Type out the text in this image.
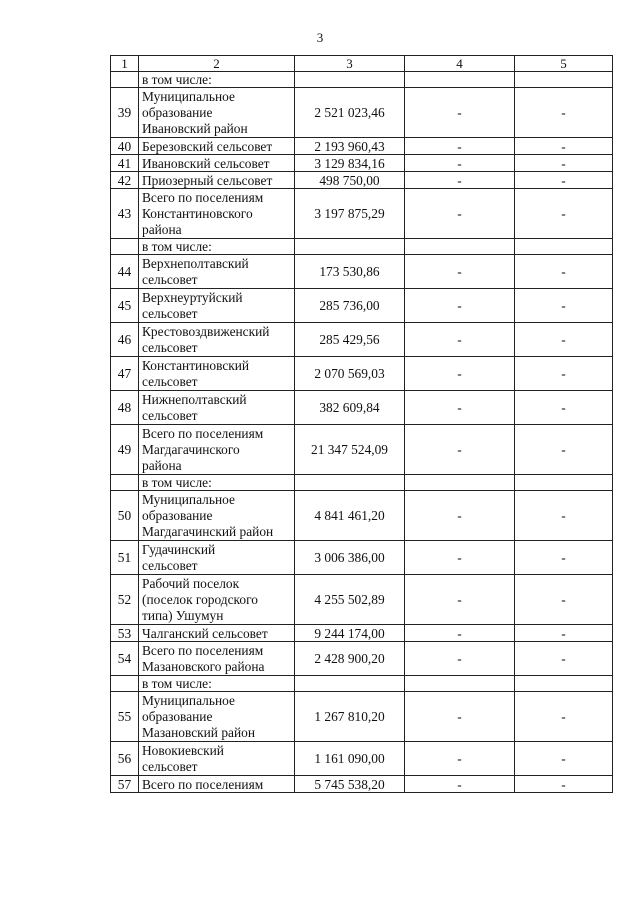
3
1	2	3	4	5

	в том числе:			

39	Муниципальное
образование
Ивановский район	2 521 023,46	-	-
40	Березовский сельсовет	2 193 960,43	-	-
41	Ивановский сельсовет	3 129 834,16	-	-
42	Приозерный сельсовет	498 750,00	-	-
43	Всего по поселениям
Константиновского
района	3 197 875,29	-	-

	в том числе:			

44	Верхнеполтавский
сельсовет	173 530,86	-	-
45	Верхнеуртуйский
сельсовет	285 736,00	-	-
46	Крестовоздвиженский
сельсовет	285 429,56	-	-
47	Константиновский
сельсовет	2 070 569,03	-	-
48	Нижнеполтавский
сельсовет	382 609,84	-	-
49	Всего по поселениям
Магдагачинского
района	21 347 524,09	-	-

	в том числе:			

50	Муниципальное
образование
Магдагачинский район	4 841 461,20	-	-
51	Гудачинский
сельсовет	3 006 386,00	-	-
52	Рабочий поселок
(поселок городского
типа) Ушумун	4 255 502,89	-	-
53	Чалганский сельсовет	9 244 174,00	-	-
54	Всего по поселениям
Мазановского района	2 428 900,20	-	-

	в том числе:			

55	Муниципальное
образование
Мазановский район	1 267 810,20	-	-
56	Новокиевский
сельсовет	1 161 090,00	-	-
57	Всего по поселениям	5 745 538,20	-	-
